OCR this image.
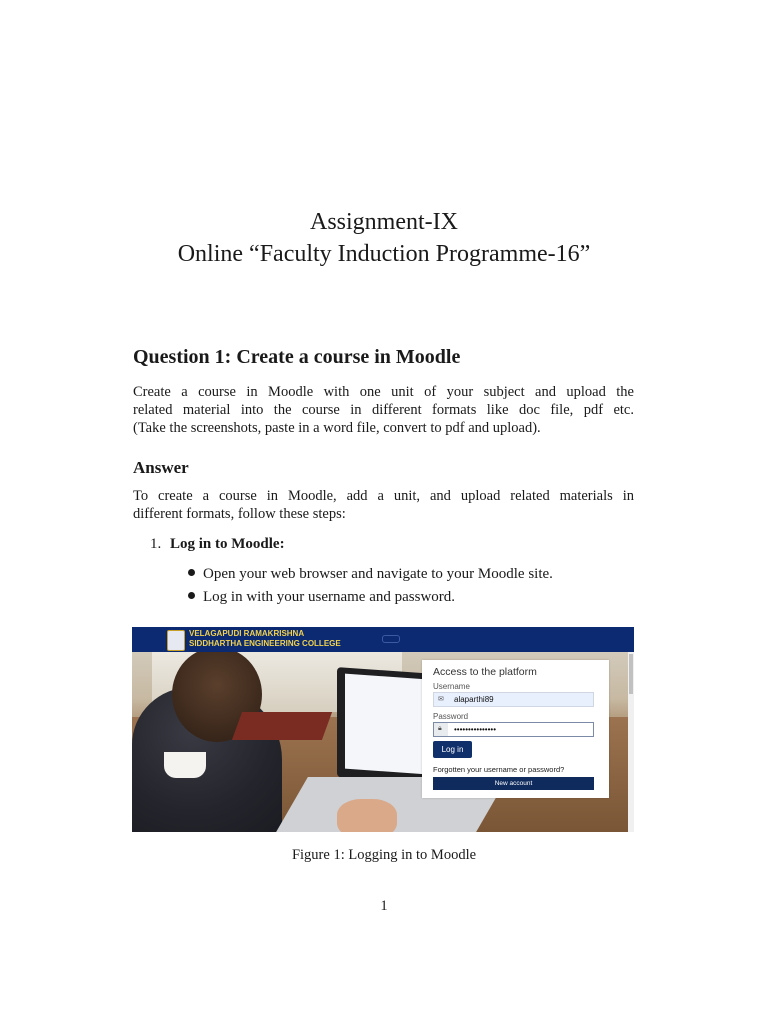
Assignment-IX
Online “Faculty Induction Programme-16”
Question 1: Create a course in Moodle
Create a course in Moodle with one unit of your subject and upload the
related material into the course in different formats like doc file, pdf etc.
(Take the screenshots, paste in a word file, convert to pdf and upload).
Answer
To create a course in Moodle, add a unit, and upload related materials in
different formats, follow these steps:
1. Log in to Moodle:
Open your web browser and navigate to your Moodle site.
Log in with your username and password.
VELAGAPUDI RAMAKRISHNA
SIDDHARTHA ENGINEERING COLLEGE
Access to the platform
Username
✉ alaparthi89
Password
🔒︎ •••••••••••••••
Log in
Forgotten your username or password?
New account
Figure 1: Logging in to Moodle
1
